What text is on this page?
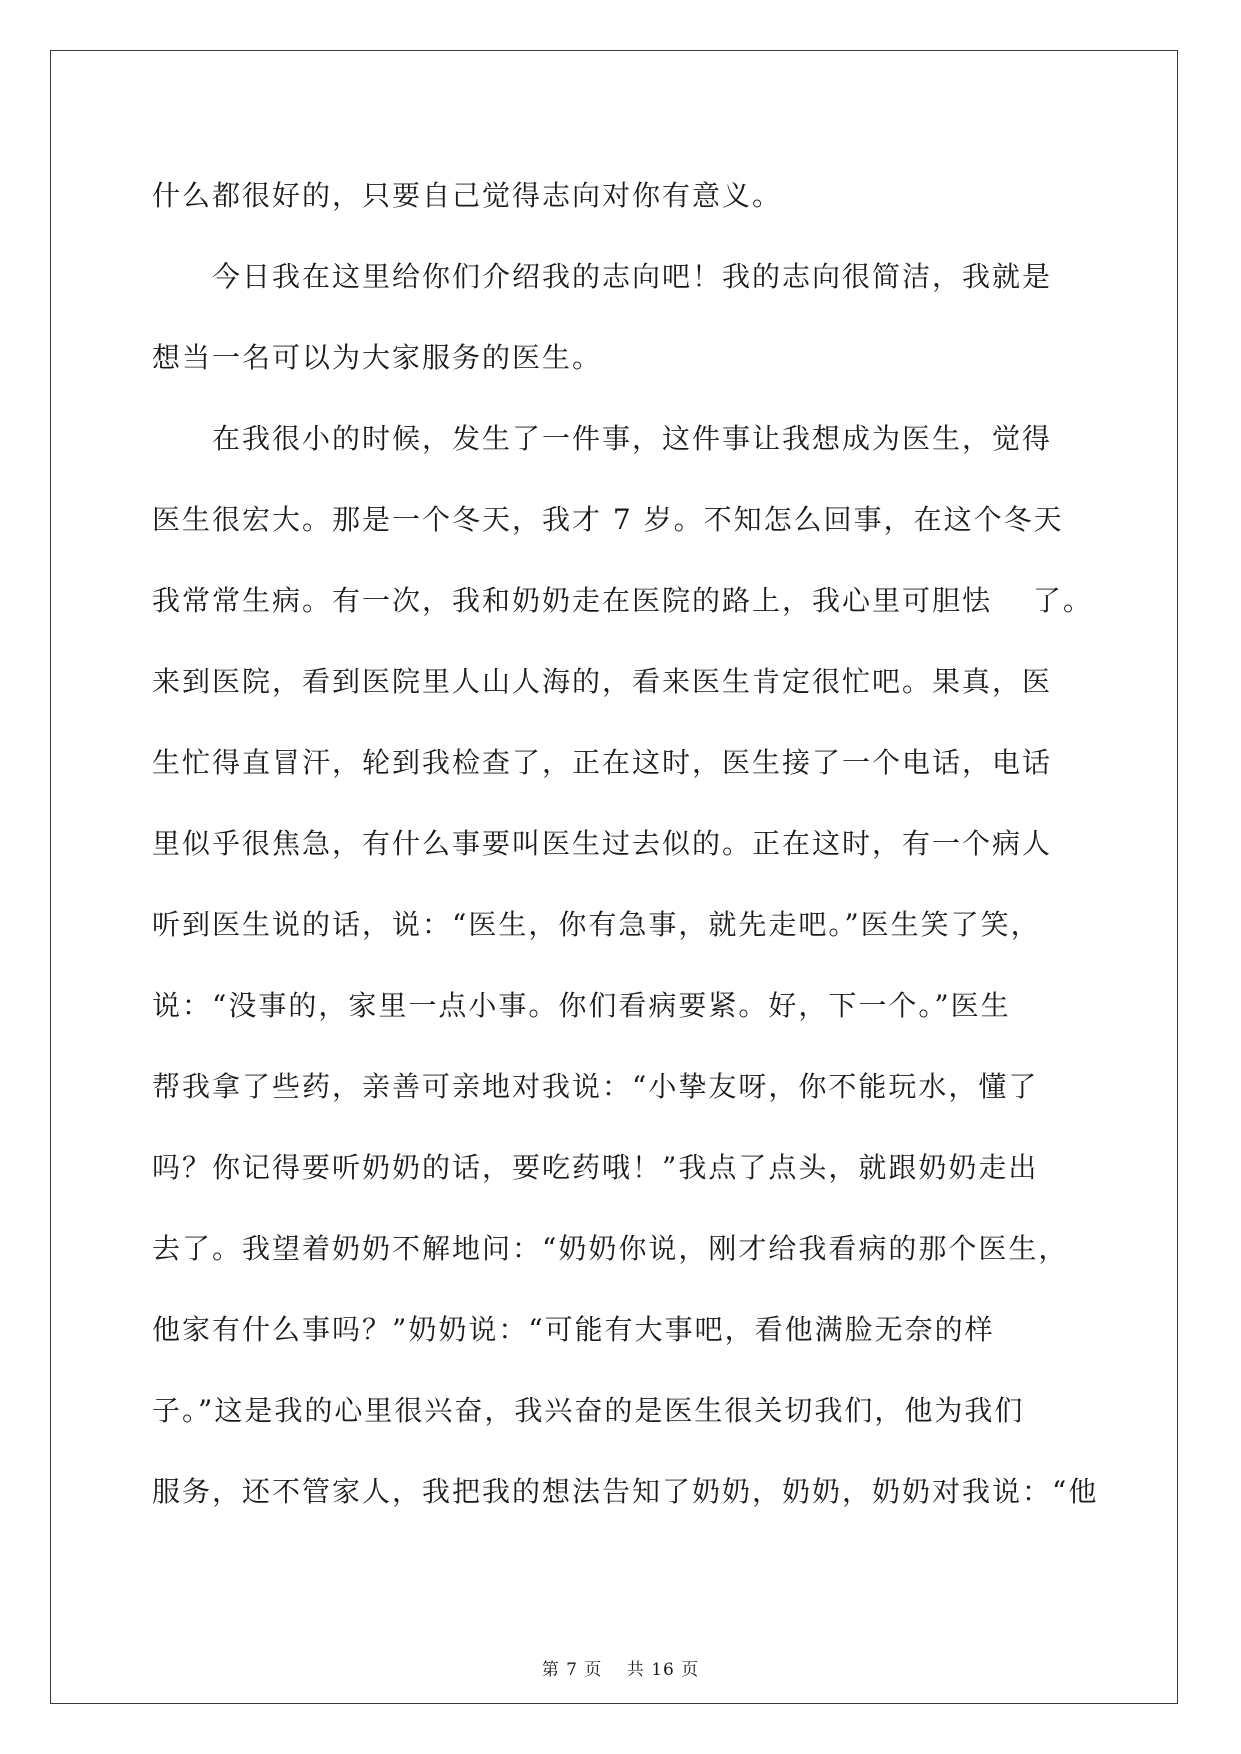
什么都很好的，只要自己觉得志向对你有意义。
今日我在这里给你们介绍我的志向吧！我的志向很简洁，我就是
想当一名可以为大家服务的医生。
在我很小的时候，发生了一件事，这件事让我想成为医生，觉得
医生很宏大。那是一个冬天，我才 7 岁。不知怎么回事，在这个冬天
我常常生病。有一次，我和奶奶走在医院的路上，我心里可胆怯　 了。
来到医院，看到医院里人山人海的，看来医生肯定很忙吧。果真，医
生忙得直冒汗，轮到我检查了，正在这时，医生接了一个电话，电话
里似乎很焦急，有什么事要叫医生过去似的。正在这时，有一个病人
听到医生说的话，说：“医生，你有急事，就先走吧。”医生笑了笑，
说：“没事的，家里一点小事。你们看病要紧。好，下一个。”医生
帮我拿了些药，亲善可亲地对我说：“小挚友呀，你不能玩水，懂了
吗？你记得要听奶奶的话，要吃药哦！”我点了点头，就跟奶奶走出
去了。我望着奶奶不解地问：“奶奶你说，刚才给我看病的那个医生，
他家有什么事吗？”奶奶说：“可能有大事吧，看他满脸无奈的样
子。”这是我的心里很兴奋，我兴奋的是医生很关切我们，他为我们
服务，还不管家人，我把我的想法告知了奶奶，奶奶，奶奶对我说：“他
第 7 页　 共 16 页
